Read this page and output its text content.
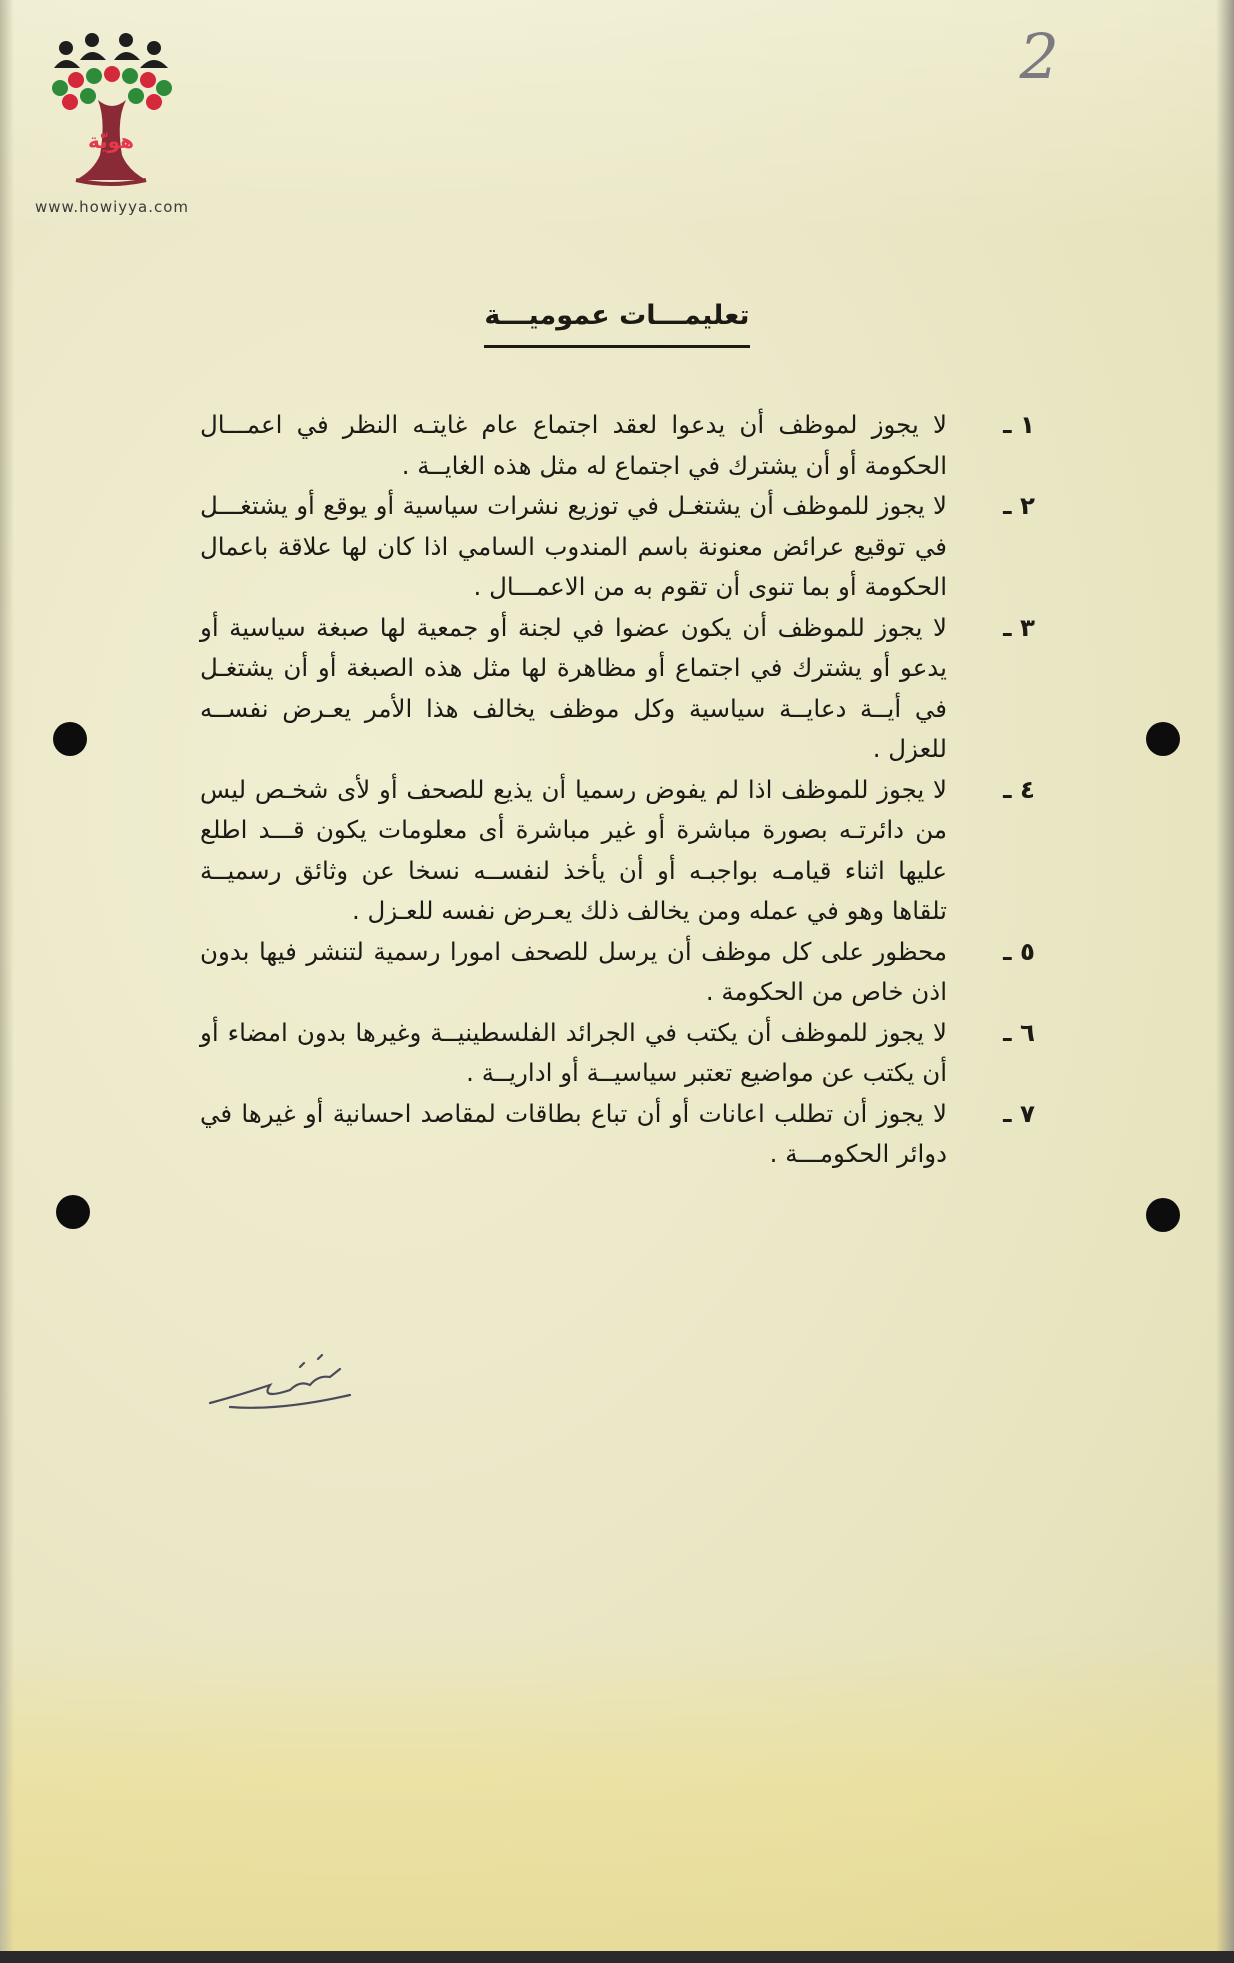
هويّة
www.howiyya.com
2
تعليمـــات عموميـــة
١ ـ
لا يجوز لموظف أن يدعوا لعقد اجتماع عام غايتـه النظر في اعمـــال الحكومة أو أن يشترك في اجتماع له مثل هذه الغايــة .
٢ ـ
لا يجوز للموظف أن يشتغـل في توزيع نشرات سياسية أو يوقع أو يشتغـــل في توقيع عرائض معنونة باسم المندوب السامي اذا كان لها علاقة باعمال الحكومة أو بما تنوى أن تقوم به من الاعمـــال .
٣ ـ
لا يجوز للموظف أن يكون عضوا في لجنة أو جمعية لها صبغة سياسية أو يدعو أو يشترك في اجتماع أو مظاهرة لها مثل هذه الصبغة أو أن يشتغـل في أيــة دعايــة سياسية وكل موظف يخالف هذا الأمر يعـرض نفســه للعزل .
٤ ـ
لا يجوز للموظف اذا لم يفوض رسميا أن يذيع للصحف أو لأى شخـص ليس من دائرتـه بصورة مباشرة أو غير مباشرة أى معلومات يكون قـــد اطلع عليها اثناء قيامـه بواجبـه أو أن يأخذ لنفســه نسخا عن وثائق رسميــة تلقاها وهو في عمله ومن يخالف ذلك يعـرض نفسه للعـزل .
٥ ـ
محظور على كل موظف أن يرسل للصحف امورا رسمية لتنشر فيها بدون اذن خاص من الحكومة .
٦ ـ
لا يجوز للموظف أن يكتب في الجرائد الفلسطينيــة وغيرها بدون امضاء أو أن يكتب عن مواضيع تعتبر سياسيــة أو اداريــة .
٧ ـ
لا يجوز أن تطلب اعانات أو أن تباع بطاقات لمقاصد احسانية أو غيرها في دوائر الحكومـــة .
